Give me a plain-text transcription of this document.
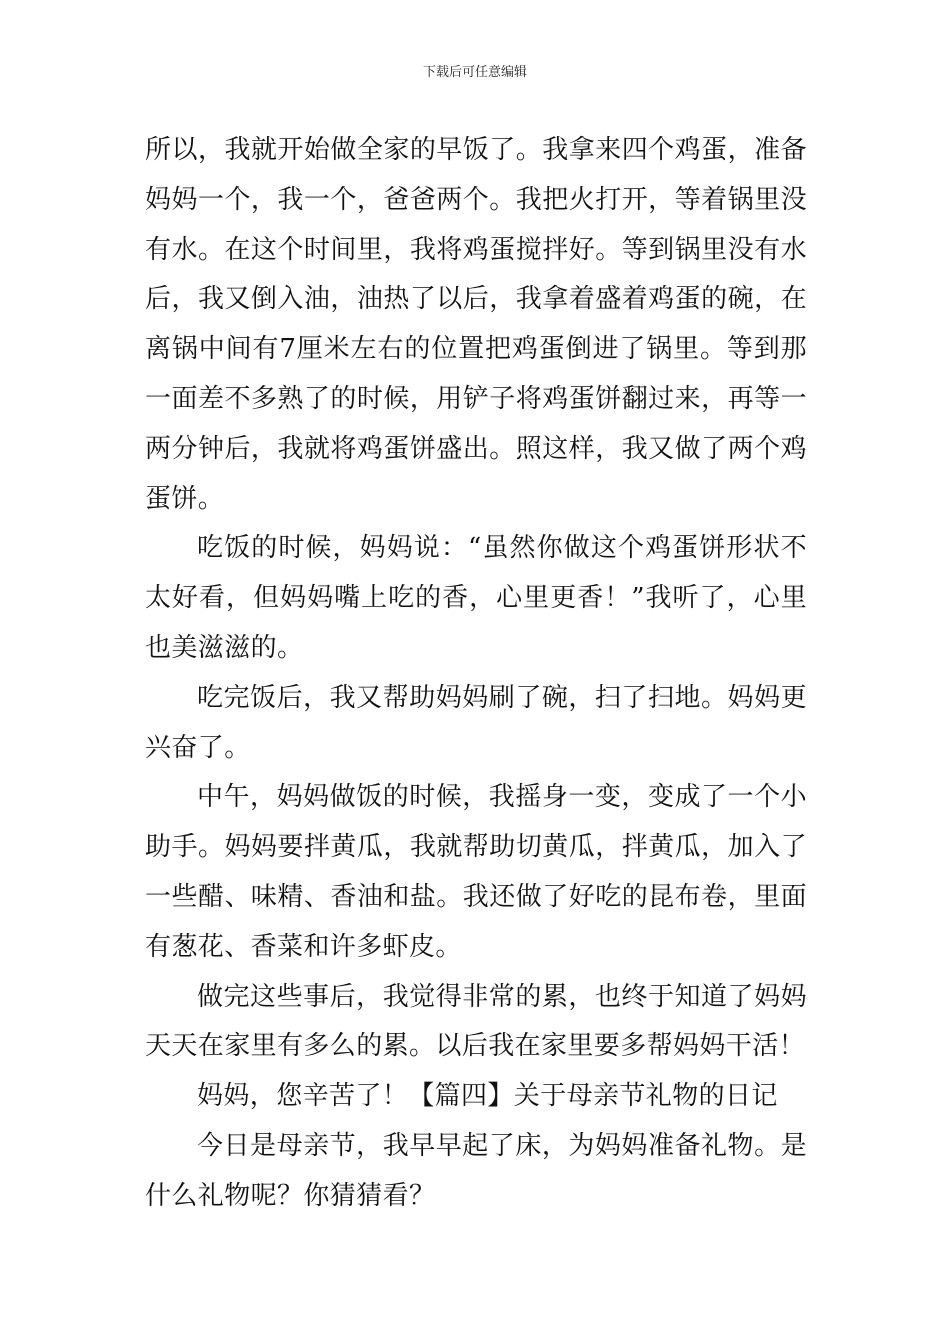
下载后可任意编辑

所以，我就开始做全家的早饭了。我拿来四个鸡蛋，准备妈妈一个，我一个，爸爸两个。我把火打开，等着锅里没有水。在这个时间里，我将鸡蛋搅拌好。等到锅里没有水后，我又倒入油，油热了以后，我拿着盛着鸡蛋的碗，在离锅中间有7厘米左右的位置把鸡蛋倒进了锅里。等到那一面差不多熟了的时候，用铲子将鸡蛋饼翻过来，再等一两分钟后，我就将鸡蛋饼盛出。照这样，我又做了两个鸡蛋饼。

吃饭的时候，妈妈说：“虽然你做这个鸡蛋饼形状不太好看，但妈妈嘴上吃的香，心里更香！”我听了，心里也美滋滋的。

吃完饭后，我又帮助妈妈刷了碗，扫了扫地。妈妈更兴奋了。

中午，妈妈做饭的时候，我摇身一变，变成了一个小助手。妈妈要拌黄瓜，我就帮助切黄瓜，拌黄瓜，加入了一些醋、味精、香油和盐。我还做了好吃的昆布卷，里面有葱花、香菜和许多虾皮。

做完这些事后，我觉得非常的累，也终于知道了妈妈天天在家里有多么的累。以后我在家里要多帮妈妈干活！

妈妈，您辛苦了！【篇四】关于母亲节礼物的日记

今日是母亲节，我早早起了床，为妈妈准备礼物。是什么礼物呢？你猜猜看？
